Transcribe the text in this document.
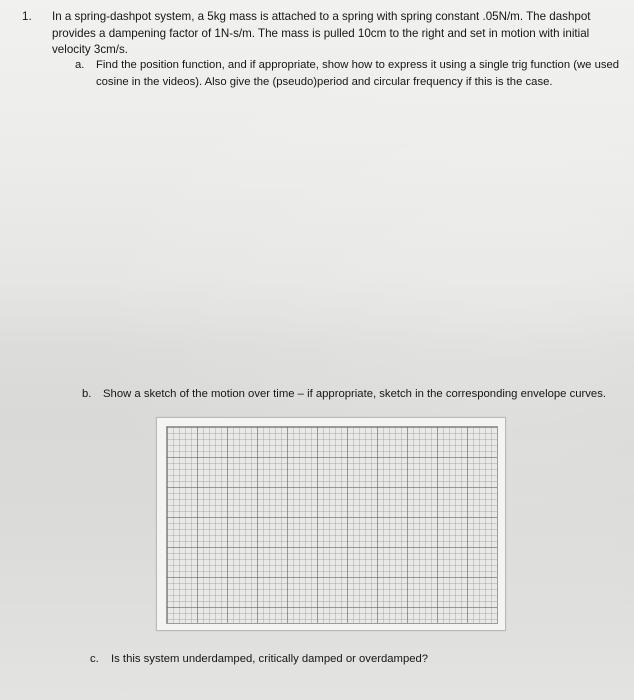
1. In a spring-dashpot system, a 5kg mass is attached to a spring with spring constant .05N/m. The dashpot provides a dampening factor of 1N-s/m. The mass is pulled 10cm to the right and set in motion with initial velocity 3cm/s.
a. Find the position function, and if appropriate, show how to express it using a single trig function (we used cosine in the videos). Also give the (pseudo)period and circular frequency if this is the case.
b. Show a sketch of the motion over time – if appropriate, sketch in the corresponding envelope curves.
c. Is this system underdamped, critically damped or overdamped?
